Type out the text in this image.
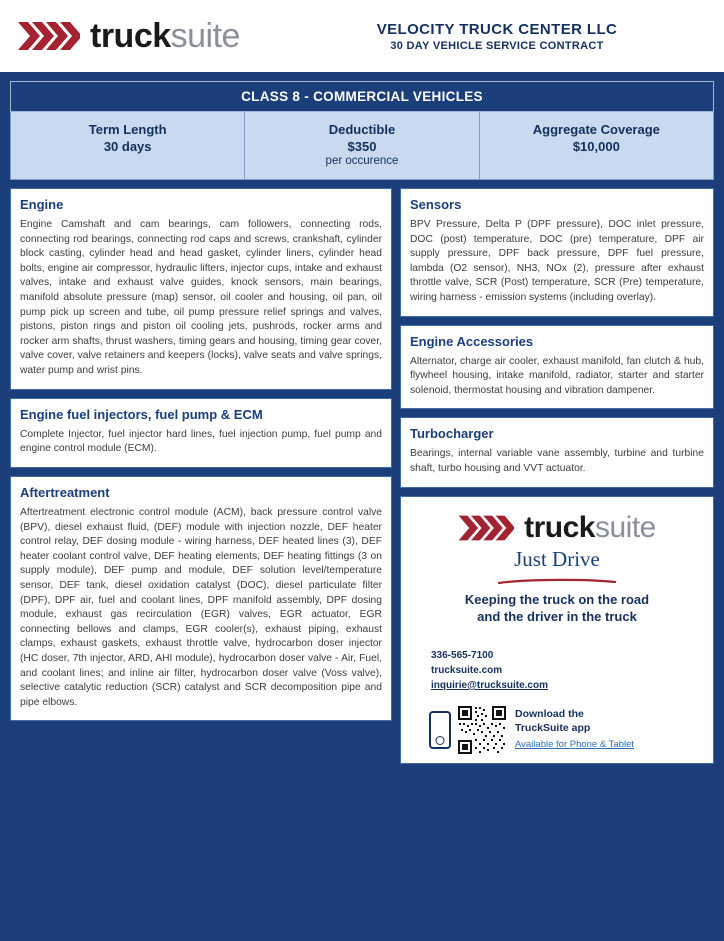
trucksuite	VELOCITY TRUCK CENTER LLC
30 DAY VEHICLE SERVICE CONTRACT
CLASS 8 - COMMERCIAL VEHICLES
Term Length
30 days
Deductible
$350
per occurence
Aggregate Coverage
$10,000
Engine
Engine Camshaft and cam bearings, cam followers, connecting rods, connecting rod bearings, connecting rod caps and screws, crankshaft, cylinder block casting, cylinder head and head gasket, cylinder liners, cylinder head bolts, engine air compressor, hydraulic lifters, injector cups, intake and exhaust valves, intake and exhaust valve guides, knock sensors, main bearings, manifold absolute pressure (map) sensor, oil cooler and housing, oil pan, oil pump pick up screen and tube, oil pump pressure relief springs and valves, pistons, piston rings and piston oil cooling jets, pushrods, rocker arms and rocker arm shafts, thrust washers, timing gears and housing, timing gear cover, valve cover, valve retainers and keepers (locks), valve seats and valve springs, water pump and wrist pins.
Engine fuel injectors, fuel pump & ECM
Complete Injector, fuel injector hard lines, fuel injection pump, fuel pump and engine control module (ECM).
Aftertreatment
Aftertreatment electronic control module (ACM), back pressure control valve (BPV), diesel exhaust fluid, (DEF) module with injection nozzle, DEF heater control relay, DEF dosing module - wiring harness, DEF heated lines (3), DEF heater coolant control valve, DEF heating elements, DEF heating fittings (3 on supply module), DEF pump and module, DEF solution level/temperature sensor, DEF tank, diesel oxidation catalyst (DOC), diesel particulate filter (DPF), DPF air, fuel and coolant lines, DPF manifold assembly, DPF dosing module, exhaust gas recirculation (EGR) valves, EGR actuator, EGR connecting bellows and clamps, EGR cooler(s), exhaust piping, exhaust clamps, exhaust gaskets, exhaust throttle valve, hydrocarbon doser injector (HC doser, 7th injector, ARD, AHI module), hydrocarbon doser valve - Air, Fuel, and coolant lines; and inline air filter, hydrocarbon doser valve (Voss valve), selective catalytic reduction (SCR) catalyst and SCR decomposition pipe and pipe elbows.
Sensors
BPV Pressure, Delta P (DPF pressure), DOC inlet pressure, DOC (post) temperature, DOC (pre) temperature, DPF air supply pressure, DPF back pressure, DPF fuel pressure, lambda (O2 sensor), NH3, NOx (2), pressure after exhaust throttle valve, SCR (Post) temperature, SCR (Pre) temperature, wiring harness - emission systems (including overlay).
Engine Accessories
Alternator, charge air cooler, exhaust manifold, fan clutch & hub, flywheel housing, intake manifold, radiator, starter and starter solenoid, thermostat housing and vibration dampener.
Turbocharger
Bearings, internal variable vane assembly, turbine and turbine shaft, turbo housing and VVT actuator.
trucksuite
Just Drive
Keeping the truck on the road
and the driver in the truck
336-565-7100
trucksuite.com
inquirie@trucksuite.com
Download the
TruckSuite app
Available for Phone & Tablet
